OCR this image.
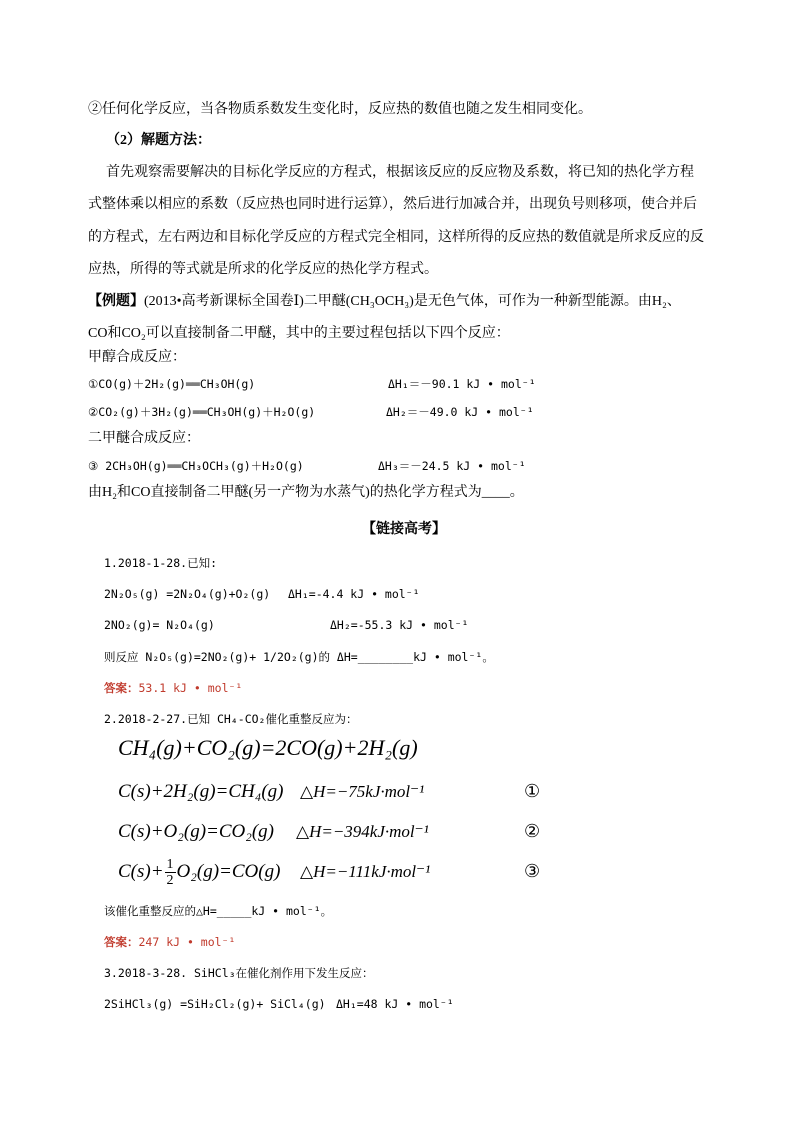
②任何化学反应，当各物质系数发生变化时，反应热的数值也随之发生相同变化。
（2）解题方法：
首先观察需要解决的目标化学反应的方程式，根据该反应的反应物及系数，将已知的热化学方程
式整体乘以相应的系数（反应热也同时进行运算），然后进行加减合并，出现负号则移项，使合并后
的方程式，左右两边和目标化学反应的方程式完全相同，这样所得的反应热的数值就是所求反应的反
应热，所得的等式就是所求的化学反应的热化学方程式。
【例题】(2013•高考新课标全国卷Ⅰ)二甲醚(CH₃OCH₃)是无色气体，可作为一种新型能源。由H₂、
CO和CO₂可以直接制备二甲醚，其中的主要过程包括以下四个反应：
甲醇合成反应：
①CO(g)＋2H₂(g)══CH₃OH(g)	ΔH₁＝－90.1 kJ • mol⁻¹
②CO₂(g)＋3H₂(g)══CH₃OH(g)＋H₂O(g)	ΔH₂＝－49.0 kJ • mol⁻¹
二甲醚合成反应：
③ 2CH₃OH(g)══CH₃OCH₃(g)＋H₂O(g)	ΔH₃＝－24.5 kJ • mol⁻¹
由H₂和CO直接制备二甲醚(另一产物为水蒸气)的热化学方程式为____。
【链接高考】
1.2018-1-28.已知:
2N₂O₅(g) =2N₂O₄(g)+O₂(g) ΔH₁=-4.4 kJ • mol⁻¹
2NO₂(g)= N₂O₄(g)	ΔH₂=-55.3 kJ • mol⁻¹
则反应 N₂O₅(g)=2NO₂(g)+ 1/2O₂(g)的 ΔH=________kJ • mol⁻¹。
答案：53.1 kJ • mol⁻¹
2.2018-2-27.已知 CH₄-CO₂催化重整反应为：
CH₄(g)+CO₂(g)=2CO(g)+2H₂(g)
C(s)+2H₂(g)=CH₄(g) △H=−75kJ·mol⁻¹	①
C(s)+O₂(g)=CO₂(g) △H=−394kJ·mol⁻¹	②
$C(s)+ \frac{1}{2} O_2(g)=CO(g)$ △H=−111kJ·mol⁻¹	③
该催化重整反应的△H=_____kJ • mol⁻¹。
答案：247 kJ • mol⁻¹
3.2018-3-28. SiHCl₃在催化剂作用下发生反应：
2SiHCl₃(g) =SiH₂Cl₂(g)+ SiCl₄(g) ΔH₁=48 kJ • mol⁻¹
